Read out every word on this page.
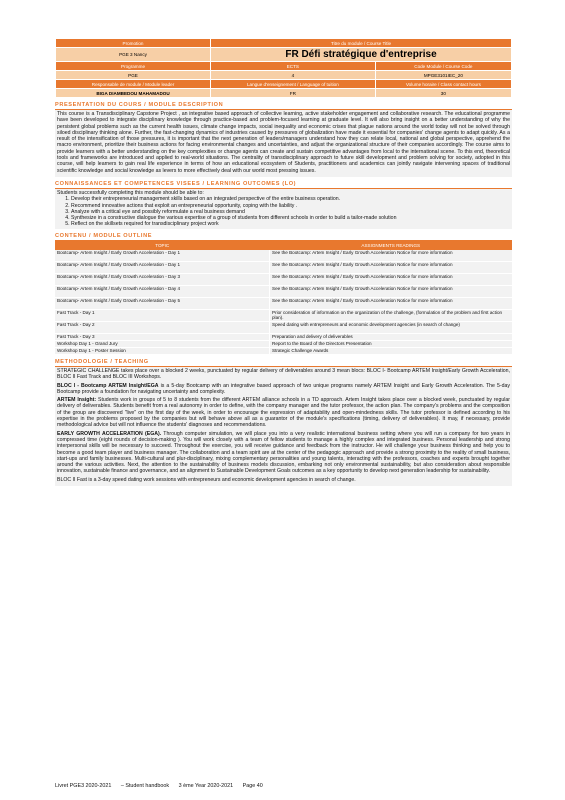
Promotion	Titre du module / Course Title	
PGE 3 Nancy	FR Défi stratégique d'entreprise	
Programme	ECTS	Code Module / Course Code
PGE	4	MPGE3101IEC_20
Responsable de module / Module leader	Langue d'enseignement / Language of tuition	Volume horaire / Class contact hours
BIGA DIAMBEDOU MAHAMADOU	FR	30
PRESENTATION DU COURS / MODULE DESCRIPTION

This course is a Transdisciplinary Capstone Project , an integrative based approach of collective learning, active stakeholder engagement and collaborative research. The educational programme have been developed to integrate disciplinary knowledge through practice-based and problem-focused learning at graduate level. It will also bring insight on a better understanding of why the persistent global problems such as the current health issues, climate change impacts, social inequality and economic crises that plague nations around the world today will not be solved through siloed disciplinary thinking alone. Further, the fast-changing dynamics of industries caused by pressures of globalization have made it essential for companies' change agents to adapt quickly. As a result of the intensification of those pressures, it is important that the next generation of leaders/managers understand how they can relate local, national and global perspective, apprehend the macro environment, prioritize their business actions for facing environmental changes and uncertainties, and adjust the organizational structure of their companies accordingly. The course aims to provide learners with a better understanding on the key complexities or change agents can create and sustain competitive advantages from local to the international scene. To this end, theoretical tools and frameworks are introduced and applied to real-world situations. The centrality of transdisciplinary approach to future skill development and problem solving for society, adopted in this course, will help learners to gain real life experience in terms of how an educational ecosystem of Students, practitioners and academics can jointly navigate intervening spaces of traditional scientific knowledge and social knowledge as levers to more effectively deal with our world most pressing issues.

CONNAISSANCES ET COMPETENCES VISEES / LEARNING OUTCOMES (LO)
Students successfully completing this module should be able to:
1. Develop their entrepreneurial management skills based on an integrated perspective of the entire business operation.
2. Recommend innovative actions that exploit an entrepreneurial opportunity, coping with the liability .
3. Analyze with a critical eye and possibly reformulate a real business demand
4. Synthesize in a constructive dialogue the various expertise of a group of students from different schools in order to build a tailor-made solution
5. Reflect on the skillsets required for transdisciplinary project work
CONTENU / MODULE OUTLINE
TOPIC	ASSIGNMENTS READINGS
Bootcamp- Artem Insight / Early Growth Acceleration - Day 1	See the Bootcamp: Artem Insight / Early Growth Acceleration Notice for more information
Bootcamp- Artem Insight / Early Growth Acceleration - Day 1	See the Bootcamp: Artem Insight / Early Growth Acceleration Notice for more information
Bootcamp- Artem Insight / Early Growth Acceleration - Day 3	See the Bootcamp: Artem Insight / Early Growth Acceleration Notice for more information
Bootcamp- Artem Insight / Early Growth Acceleration - Day 4	See the Bootcamp: Artem Insight / Early Growth Acceleration Notice for more information
Bootcamp- Artem Insight / Early Growth Acceleration - Day 5	See the Bootcamp: Artem Insight / Early Growth Acceleration Notice for more information
Fast Track - Day 1	Prior consideration of information on the organization of the challenge, (formulation of the problem and first action plan).
Fast Track - Day 2	Speed dating with entrepreneurs and economic development agencies (in search of change)
Fast Track - Day 3	Preparation and delivery of deliverables
Workshop Day 1 - Grand Jury	Report to the Board of the Directors Presentation
Workshop Day 1 - Poster Session	Strategic Challenge Awards
METHODOLOGIE / TEACHING

STRATEGIC CHALLENGE takes place over a blocked 2 weeks, punctuated by regular delivery of deliverables around 3 mean blocs: BLOC I- Bootcamp ARTEM Insight/Early Growth Acceleration, BLOC II Fast Track and BLOC III Workshops.

BLOC I - Bootcamp ARTEM Insight/EGA is a 5-day Bootcamp with an integrative based approach of two unique programs namely ARTEM Insight and Early Growth Acceleration. The 5-day Bootcamp provide a foundation for navigating uncertainty and complexity.

ARTEM Insight: Students work in groups of 5 to 8 students from the different ARTEM alliance schools in a TD approach. Artem Insight takes place over a blocked week, punctuated by regular delivery of deliverables. Students benefit from a real autonomy in order to define, with the company manager and the tutor professor, the action plan. The company's problems and the composition of the group are discovered "live" on the first day of the week, in order to encourage the expression of adaptability and open-mindedness skills. The tutor professor is defined according to his expertise in the problems proposed by the companies but will behave above all as a guarantor of the module's specifications (timing, delivery of deliverables). It may, if necessary, provide methodological advice but will not influence the students' diagnoses and recommendations.

EARLY GROWTH ACCELERATION (EGA). Through computer simulation, we will place you into a very realistic international business setting where you will run a company for two years in compressed time (eight rounds of decision-making ). You will work closely with a team of fellow students to manage a highly complex and integrated business. Personal leadership and strong interpersonal skills will be necessary to succeed. Throughout the exercise, you will receive guidance and feedback from the instructor. He will challenge your business thinking and help you to become a good team player and business manager. The collaboration and a team spirit are at the center of the pedagogic approach and provide a strong proximity to the reality of small business, start-ups and family businesses. Multi-cultural and plur-disciplinary, mixing complementary personalities and young talents, interacting with the professors, coaches and experts brought together around the various activities. Next, the attention to the sustainability of business models discussion, embarking not only environmental sustainability, but also consideration about responsible innovation, sustainable finance and governance, and an alignment to Sustainable Development Goals outcomes as a key opportunity to develop next generation leadership for sustainability.

BLOC II Fast is a 3-day speed dating work sessions with entrepreneurs and economic development agencies in search of change.

Livret PGE3 2020-2021 – Student handbook 3 ème Year 2020-2021 Page 40
